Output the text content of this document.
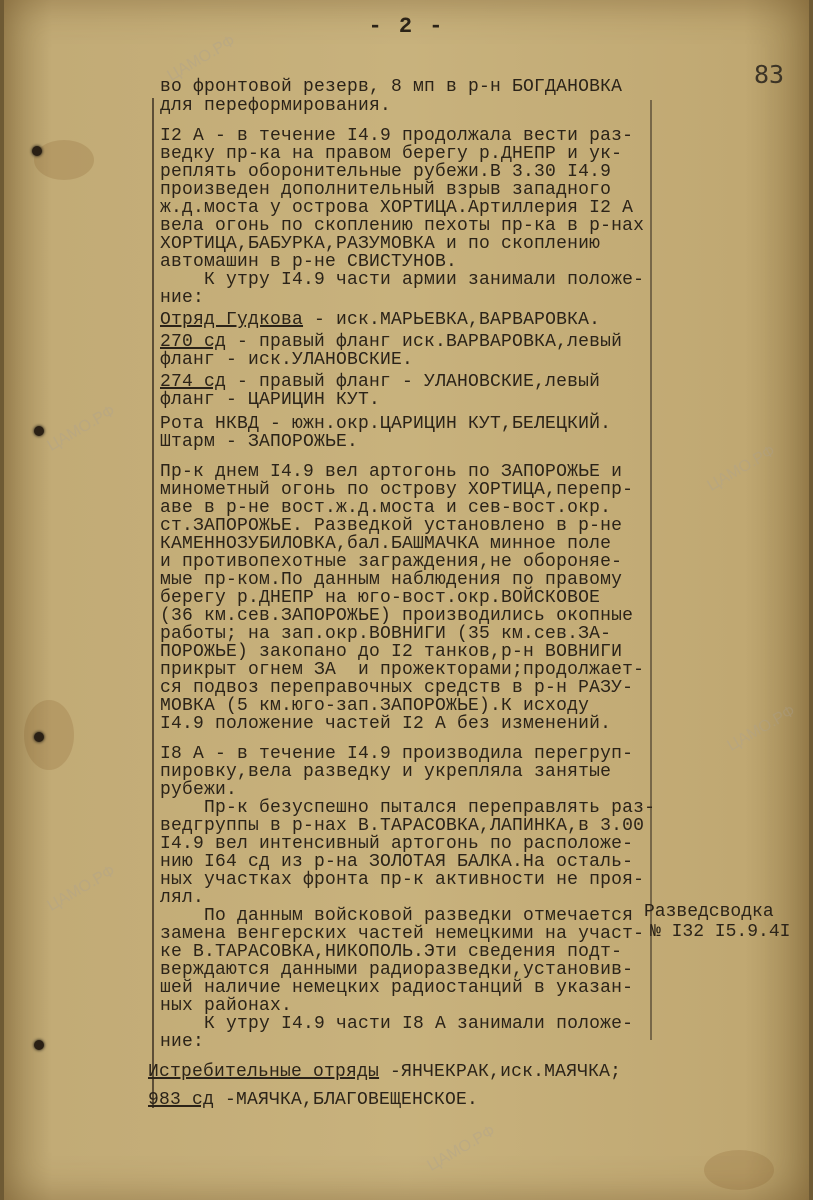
ЦАМО.РФ
ЦАМО.РФ
ЦАМО.РФ
ЦАМО.РФ
ЦАМО.РФ
ЦАМО.РФ
- 2 -
83
во фронтовой резерв, 8 мп в р-н БОГДАНОВКА
для переформирования.
I2 А - в течение I4.9 продолжала вести раз-
ведку пр-ка на правом берегу р.ДНЕПР и ук-
реплять оборонительные рубежи.В 3.30 I4.9
произведен дополнительный взрыв западного
ж.д.моста у острова ХОРТИЦА.Артиллерия I2 А
вела огонь по скоплению пехоты пр-ка в р-нах
ХОРТИЦА,БАБУРКА,РАЗУМОВКА и по скоплению
автомашин в р-не СВИСТУНОВ.
К утру I4.9 части армии занимали положе-
ние:
Отряд Гудкова - иск.МАРЬЕВКА,ВАРВАРОВКА.
270 сд - правый фланг иск.ВАРВАРОВКА,левый
фланг - иск.УЛАНОВСКИЕ.
274 сд - правый фланг - УЛАНОВСКИЕ,левый
фланг - ЦАРИЦИН КУТ.
Рота НКВД - южн.окр.ЦАРИЦИН КУТ,БЕЛЕЦКИЙ.
Штарм - ЗАПОРОЖЬЕ.
Пр-к днем I4.9 вел артогонь по ЗАПОРОЖЬЕ и
минометный огонь по острову ХОРТИЦА,перепр-
аве в р-не вост.ж.д.моста и сев-вост.окр.
ст.ЗАПОРОЖЬЕ. Разведкой установлено в р-не
КАМЕННОЗУБИЛОВКА,бал.БАШМАЧКА минное поле
и противопехотные заграждения,не обороняе-
мые пр-ком.По данным наблюдения по правому
берегу р.ДНЕПР на юго-вост.окр.ВОЙСКОВОЕ
(36 км.сев.ЗАПОРОЖЬЕ) производились окопные
работы; на зап.окр.ВОВНИГИ (35 км.сев.ЗА-
ПОРОЖЬЕ) закопано до I2 танков,р-н ВОВНИГИ
прикрыт огнем ЗА  и прожекторами;продолжает-
ся подвоз переправочных средств в р-н РАЗУ-
МОВКА (5 км.юго-зап.ЗАПОРОЖЬЕ).К исходу
I4.9 положение частей I2 А без изменений.
I8 А - в течение I4.9 производила перегруп-
пировку,вела разведку и укрепляла занятые
рубежи.
Пр-к безуспешно пытался переправлять раз-
ведгруппы в р-нах В.ТАРАСОВКА,ЛАПИНКА,в 3.00
I4.9 вел интенсивный артогонь по расположе-
нию I64 сд из р-на ЗОЛОТАЯ БАЛКА.На осталь-
ных участках фронта пр-к активности не проя-
лял.
По данным войсковой разведки отмечается
замена венгерских частей немецкими на участ-
ке В.ТАРАСОВКА,НИКОПОЛЬ.Эти сведения подт-
верждаются данными радиоразведки,установив-
шей наличие немецких радиостанций в указан-
ных районах.
К утру I4.9 части I8 А занимали положе-
ние:
Истребительные отряды -ЯНЧЕКРАК,иск.МАЯЧКА;
983 сд -МАЯЧКА,БЛАГОВЕЩЕНСКОЕ.
Разведсводка
№ I32 I5.9.4I
